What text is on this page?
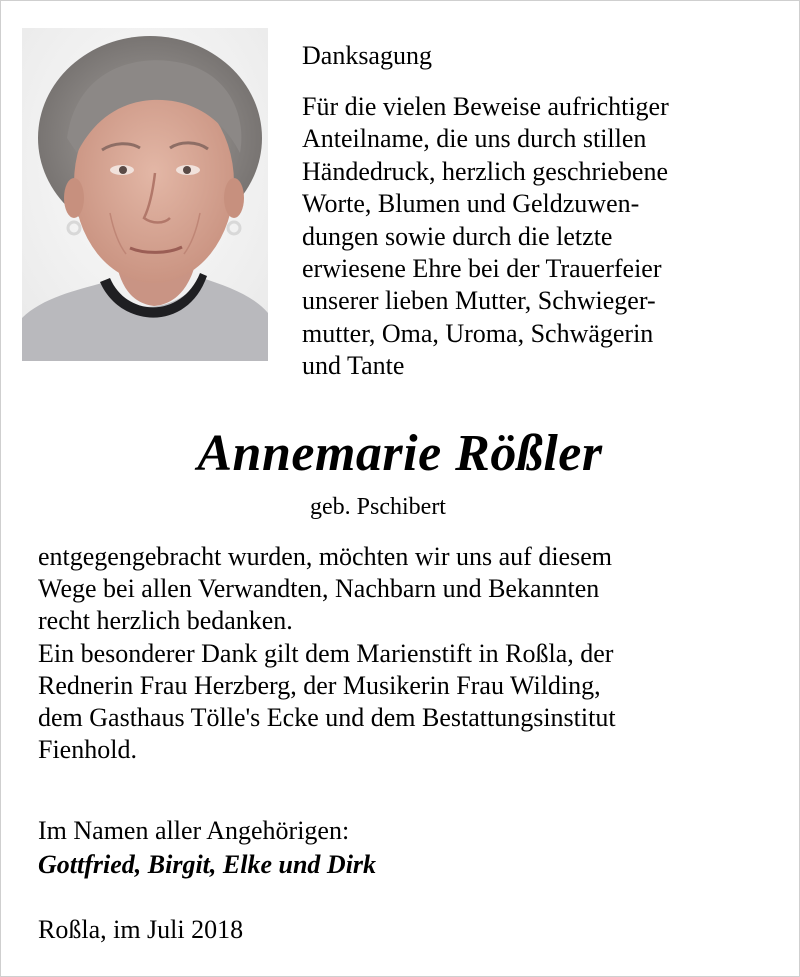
Danksagung
Für die vielen Beweise aufrichtiger
Anteilname, die uns durch stillen
Händedruck, herzlich geschriebene
Worte, Blumen und Geldzuwen-
dungen sowie durch die letzte
erwiesene Ehre bei der Trauerfeier
unserer lieben Mutter, Schwieger-
mutter, Oma, Uroma, Schwägerin
und Tante
Annemarie Rößler
geb. Pschibert
entgegengebracht wurden, möchten wir uns auf diesem
Wege bei allen Verwandten, Nachbarn und Bekannten
recht herzlich bedanken.
Ein besonderer Dank gilt dem Marienstift in Roßla, der
Rednerin Frau Herzberg, der Musikerin Frau Wilding,
dem Gasthaus Tölle's Ecke und dem Bestattungsinstitut
Fienhold.
Im Namen aller Angehörigen:
Gottfried, Birgit, Elke und Dirk
Roßla, im Juli 2018
